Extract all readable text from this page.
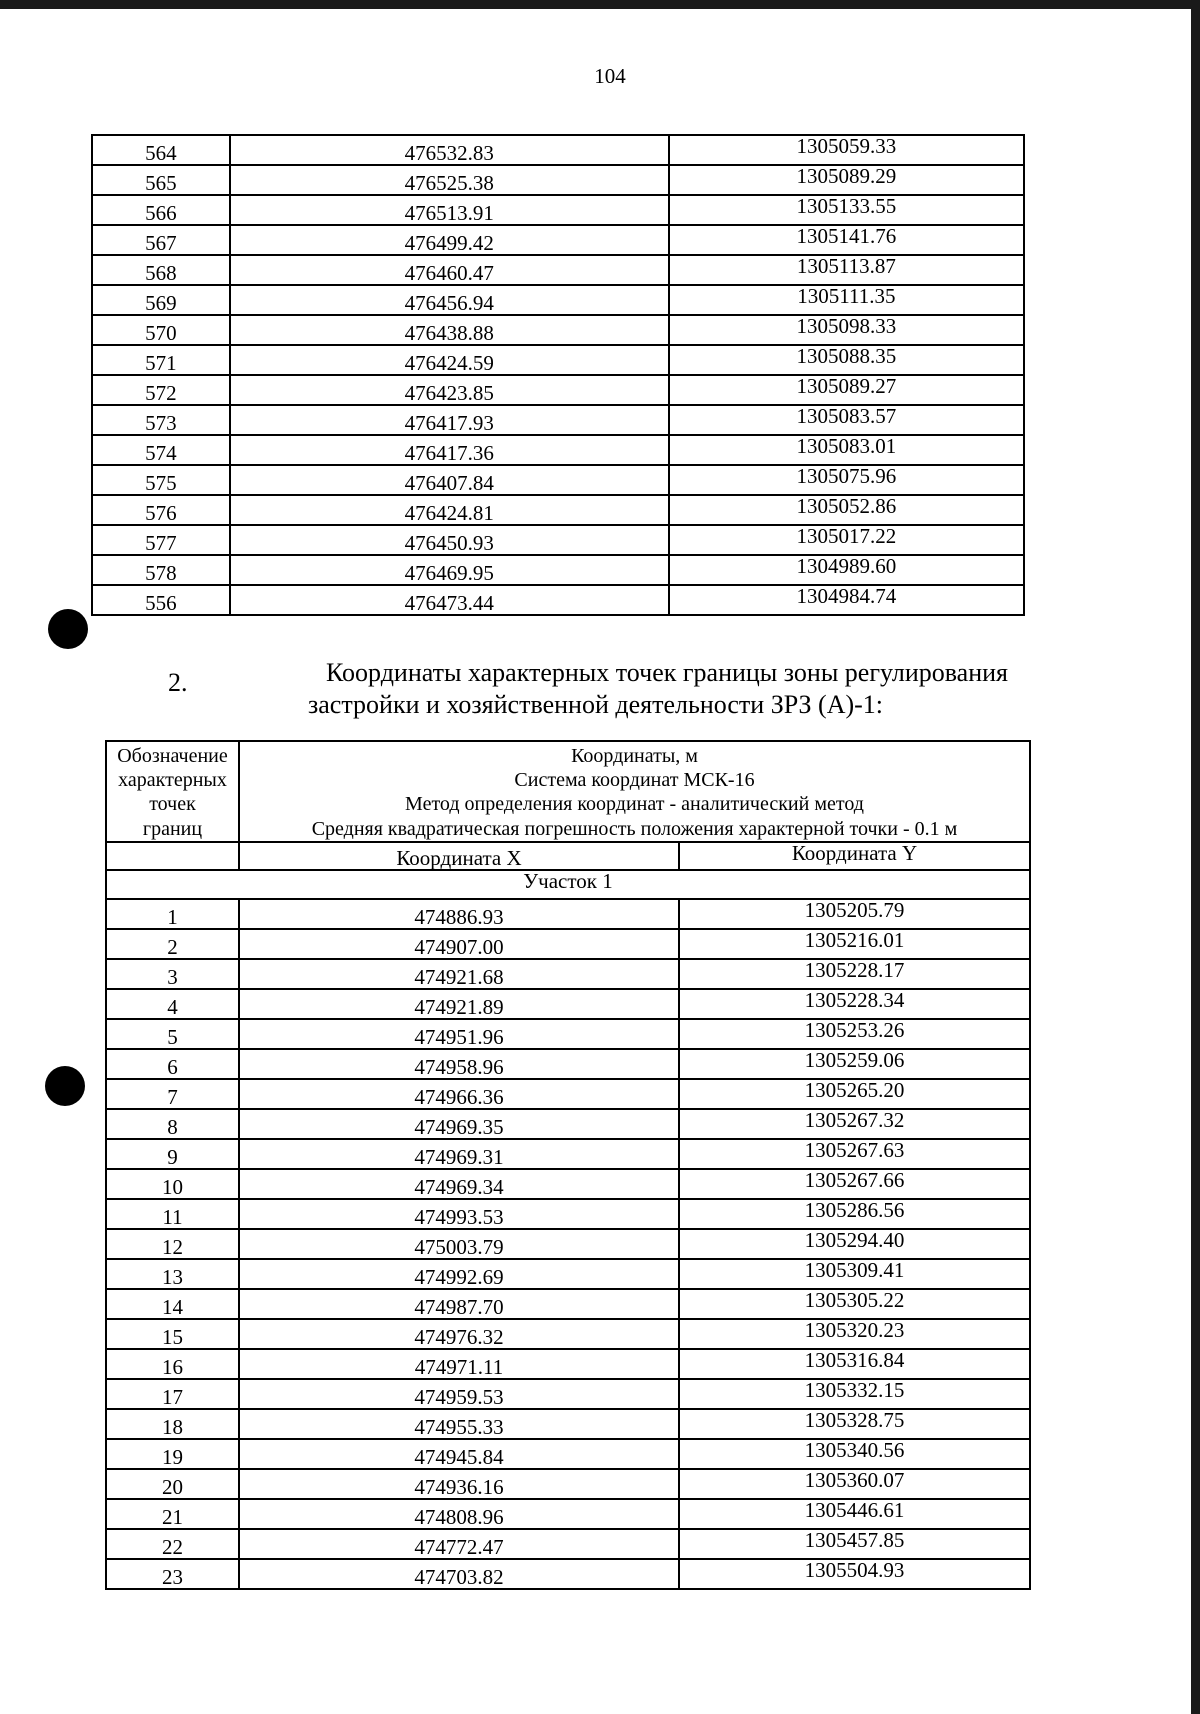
104
564	476532.83	1305059.33
565	476525.38	1305089.29
566	476513.91	1305133.55
567	476499.42	1305141.76
568	476460.47	1305113.87
569	476456.94	1305111.35
570	476438.88	1305098.33
571	476424.59	1305088.35
572	476423.85	1305089.27
573	476417.93	1305083.57
574	476417.36	1305083.01
575	476407.84	1305075.96
576	476424.81	1305052.86
577	476450.93	1305017.22
578	476469.95	1304989.60
556	476473.44	1304984.74
2.	Координаты характерных точек границы зоны регулирования
застройки и хозяйственной деятельности ЗРЗ (А)-1:
Обозначение
характерных
точек
границ	Координаты, м
Система координат МСК-16
Метод определения координат - аналитический метод
Средняя квадратическая погрешность положения характерной точки - 0.1 м	
	Координата X	Координата Y
Участок 1		
1	474886.93	1305205.79
2	474907.00	1305216.01
3	474921.68	1305228.17
4	474921.89	1305228.34
5	474951.96	1305253.26
6	474958.96	1305259.06
7	474966.36	1305265.20
8	474969.35	1305267.32
9	474969.31	1305267.63
10	474969.34	1305267.66
11	474993.53	1305286.56
12	475003.79	1305294.40
13	474992.69	1305309.41
14	474987.70	1305305.22
15	474976.32	1305320.23
16	474971.11	1305316.84
17	474959.53	1305332.15
18	474955.33	1305328.75
19	474945.84	1305340.56
20	474936.16	1305360.07
21	474808.96	1305446.61
22	474772.47	1305457.85
23	474703.82	1305504.93
